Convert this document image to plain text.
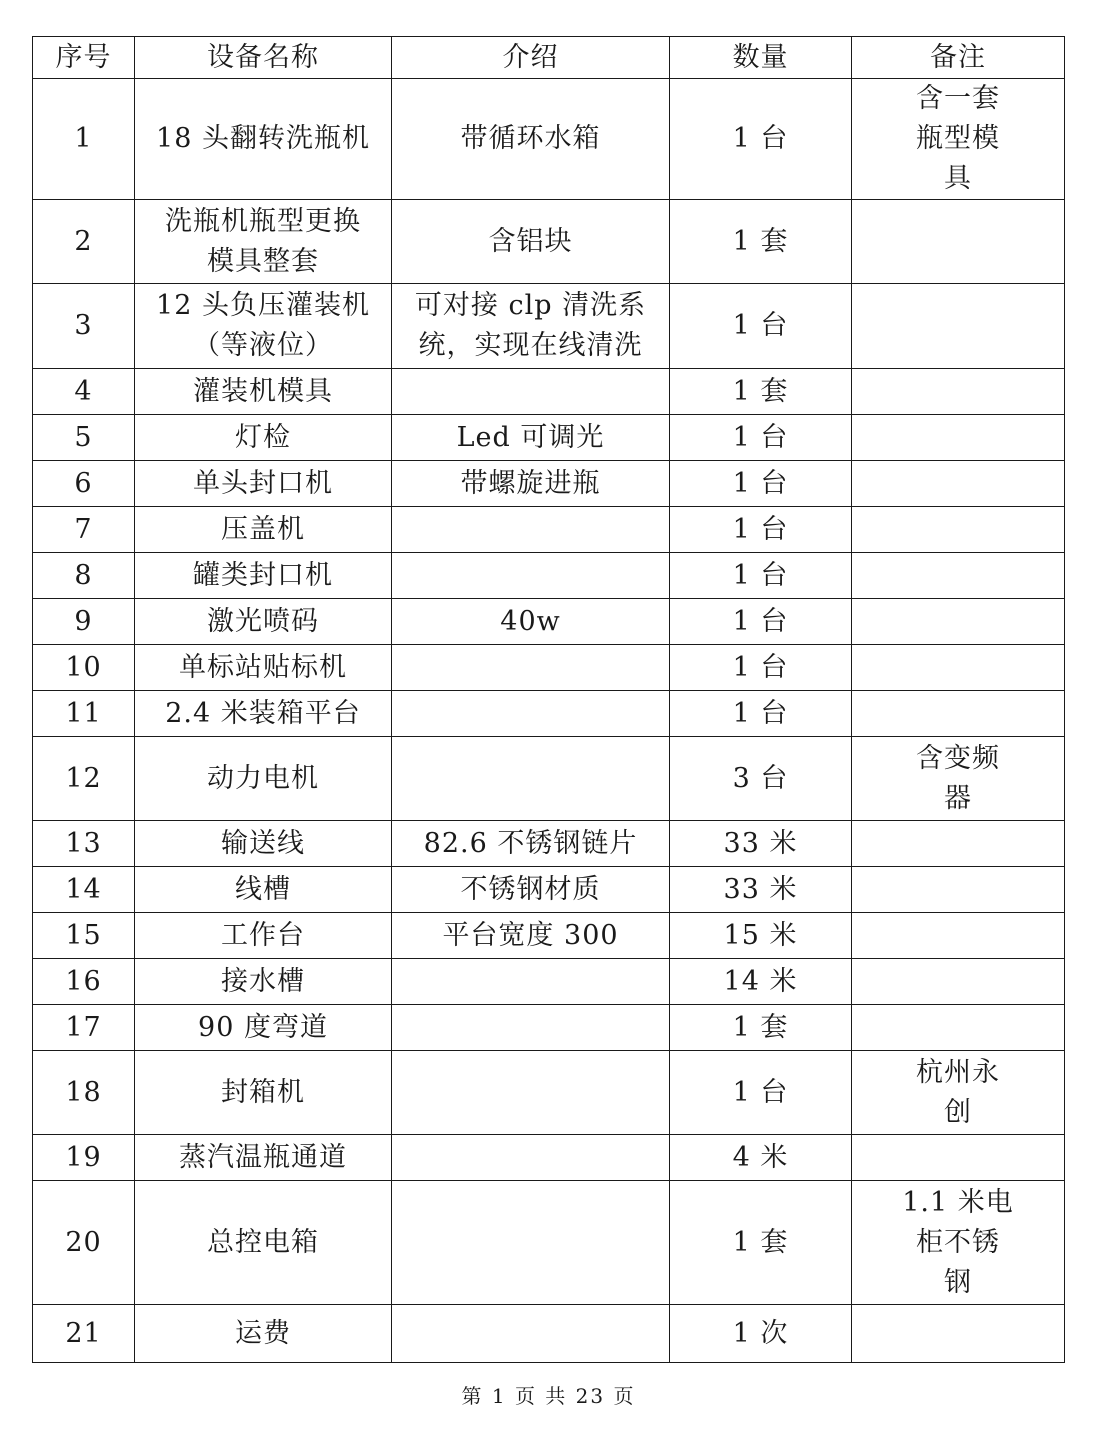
序号	设备名称	介绍	数量	备注
1	18 头翻转洗瓶机	带循环水箱	1 台	含一套
瓶型模
具
2	洗瓶机瓶型更换
模具整套	含铝块	1 套	
3	12 头负压灌装机
（等液位）	可对接 clp 清洗系
统，实现在线清洗	1 台	
4	灌装机模具		1 套	
5	灯检	Led 可调光	1 台	
6	单头封口机	带螺旋进瓶	1 台	
7	压盖机		1 台	
8	罐类封口机		1 台	
9	激光喷码	40w	1 台	
10	单标站贴标机		1 台	
11	2.4 米装箱平台		1 台	
12	动力电机		3 台	含变频
器
13	输送线	82.6 不锈钢链片	33 米	
14	线槽	不锈钢材质	33 米	
15	工作台	平台宽度 300	15 米	
16	接水槽		14 米	
17	90 度弯道		1 套	
18	封箱机		1 台	杭州永
创
19	蒸汽温瓶通道		4 米	
20	总控电箱		1 套	1.1 米电
柜不锈
钢
21	运费		1 次	
第 1 页 共 23 页
